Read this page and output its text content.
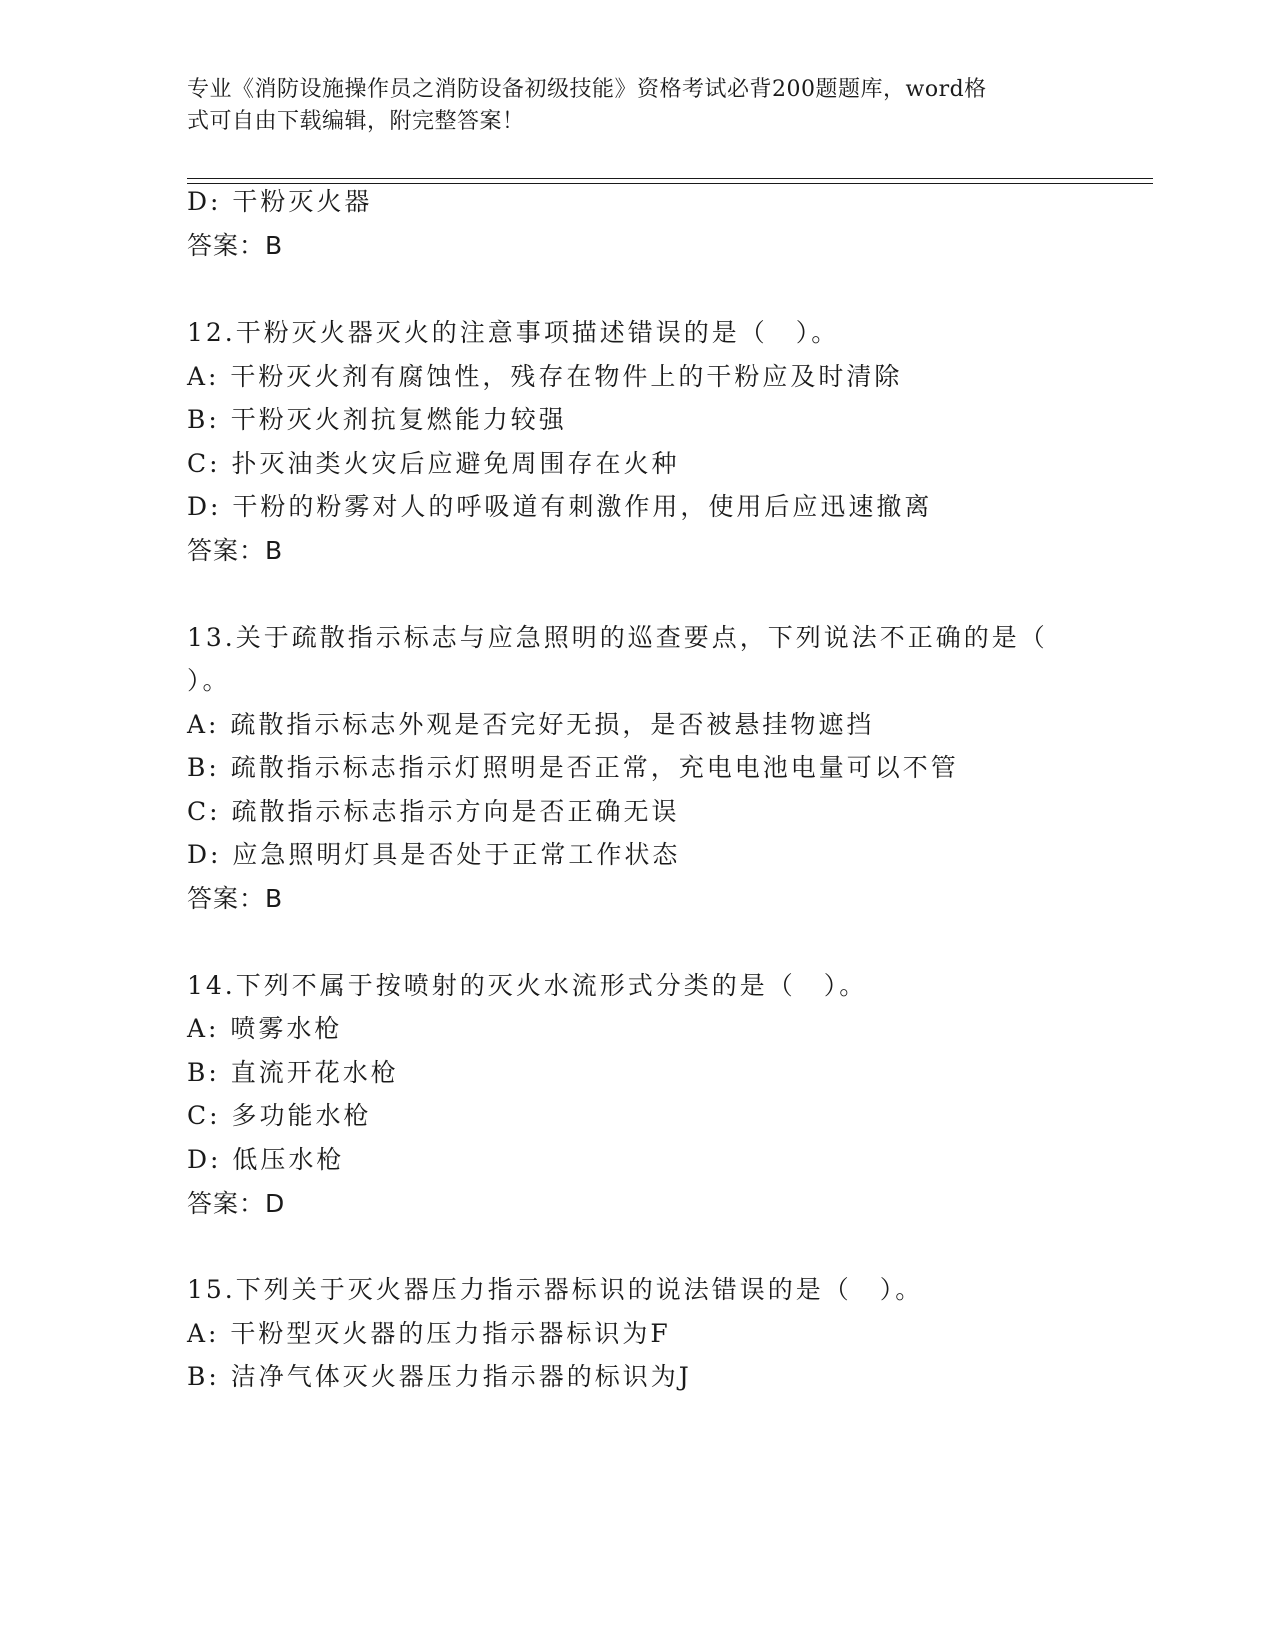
专业《消防设施操作员之消防设备初级技能》资格考试必背200题题库，word格
式可自由下载编辑，附完整答案！
D: 干粉灭火器
答案：B
12.干粉灭火器灭火的注意事项描述错误的是（　）。
A: 干粉灭火剂有腐蚀性，残存在物件上的干粉应及时清除
B: 干粉灭火剂抗复燃能力较强
C: 扑灭油类火灾后应避免周围存在火种
D: 干粉的粉雾对人的呼吸道有刺激作用，使用后应迅速撤离
答案：B
13.关于疏散指示标志与应急照明的巡查要点，下列说法不正确的是（
）。
A: 疏散指示标志外观是否完好无损，是否被悬挂物遮挡
B: 疏散指示标志指示灯照明是否正常，充电电池电量可以不管
C: 疏散指示标志指示方向是否正确无误
D: 应急照明灯具是否处于正常工作状态
答案：B
14.下列不属于按喷射的灭火水流形式分类的是（　）。
A: 喷雾水枪
B: 直流开花水枪
C: 多功能水枪
D: 低压水枪
答案：D
15.下列关于灭火器压力指示器标识的说法错误的是（　）。
A: 干粉型灭火器的压力指示器标识为F
B: 洁净气体灭火器压力指示器的标识为J
